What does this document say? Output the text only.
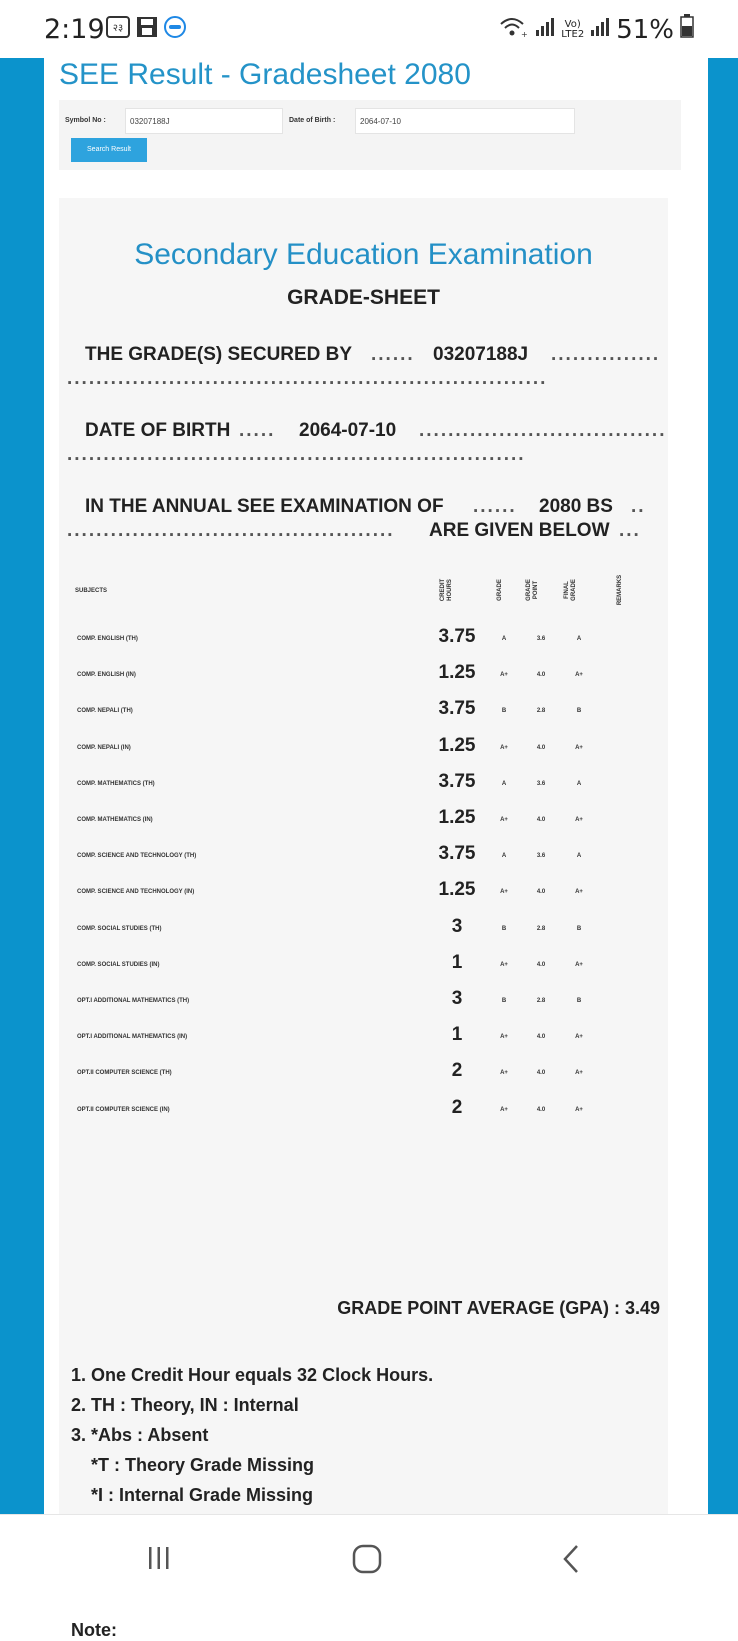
2:19 २३	+
Vo)
LTE2 51%
SEE Result - Gradesheet 2080
Symbol No :	03207188J	Date of Birth :	2064-07-10
Search Result
Secondary Education Examination
GRADE-SHEET
THE GRADE(S) SECURED BY ...... 03207188J ...............
..................................................................
DATE OF BIRTH ..... 2064-07-10 ..................................
...............................................................
IN THE ANNUAL SEE EXAMINATION OF ...... 2080 BS ..
.............................................	ARE GIVEN BELOW ...
SUBJECTS	CREDIT HOURS	GRADE	GRADE POINT	FINAL GRADE	REMARKS
COMP. ENGLISH (TH)	3.75	A	3.6	A
COMP. ENGLISH (IN)	1.25	A+	4.0	A+
COMP. NEPALI (TH)	3.75	B	2.8	B
COMP. NEPALI (IN)	1.25	A+	4.0	A+
COMP. MATHEMATICS (TH)	3.75	A	3.6	A
COMP. MATHEMATICS (IN)	1.25	A+	4.0	A+
COMP. SCIENCE AND TECHNOLOGY (TH)	3.75	A	3.6	A
COMP. SCIENCE AND TECHNOLOGY (IN)	1.25	A+	4.0	A+
COMP. SOCIAL STUDIES (TH)	3	B	2.8	B
COMP. SOCIAL STUDIES (IN)	1	A+	4.0	A+
OPT.I ADDITIONAL MATHEMATICS (TH)	3	B	2.8	B
OPT.I ADDITIONAL MATHEMATICS (IN)	1	A+	4.0	A+
OPT.II COMPUTER SCIENCE (TH)	2	A+	4.0	A+
OPT.II COMPUTER SCIENCE (IN)	2	A+	4.0	A+
GRADE POINT AVERAGE (GPA) : 3.49
1. One Credit Hour equals 32 Clock Hours.
2. TH : Theory, IN : Internal
3. *Abs : Absent
*T : Theory Grade Missing
*I : Internal Grade Missing
Note:
